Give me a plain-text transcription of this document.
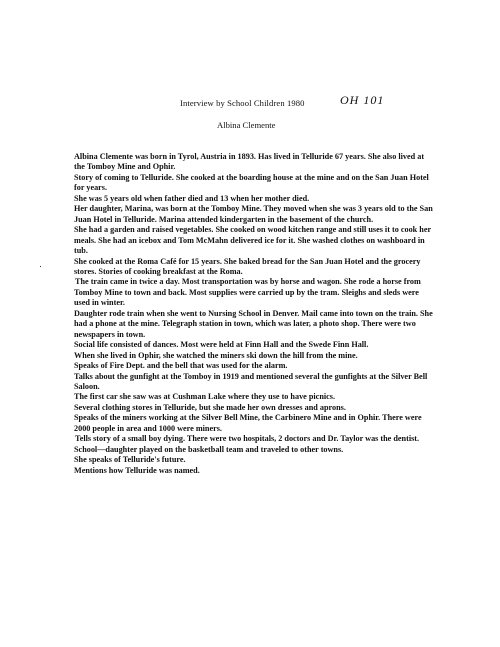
Interview by School Children 1980	OH 101
Albina Clemente

Albina Clemente was born in Tyrol, Austria in 1893. Has lived in Telluride 67 years. She also lived at the Tomboy Mine and Ophir.

Story of coming to Telluride. She cooked at the boarding house at the mine and on the San Juan Hotel for years.

She was 5 years old when father died and 13 when her mother died.

Her daughter, Marina, was born at the Tomboy Mine. They moved when she was 3 years old to the San Juan Hotel in Telluride. Marina attended kindergarten in the basement of the church.

She had a garden and raised vegetables. She cooked on wood kitchen range and still uses it to cook her meals. She had an icebox and Tom McMahn delivered ice for it. She washed clothes on washboard in tub.

She cooked at the Roma Café for 15 years. She baked bread for the San Juan Hotel and the grocery stores. Stories of cooking breakfast at the Roma.

The train came in twice a day. Most transportation was by horse and wagon. She rode a horse from Tomboy Mine to town and back. Most supplies were carried up by the tram. Sleighs and sleds were used in winter.

Daughter rode train when she went to Nursing School in Denver. Mail came into town on the train. She had a phone at the mine. Telegraph station in town, which was later, a photo shop. There were two newspapers in town.

Social life consisted of dances. Most were held at Finn Hall and the Swede Finn Hall.

When she lived in Ophir, she watched the miners ski down the hill from the mine.

Speaks of Fire Dept. and the bell that was used for the alarm.

Talks about the gunfight at the Tomboy in 1919 and mentioned several the gunfights at the Silver Bell Saloon.

The first car she saw was at Cushman Lake where they use to have picnics.

Several clothing stores in Telluride, but she made her own dresses and aprons.

Speaks of the miners working at the Silver Bell Mine, the Carbinero Mine and in Ophir. There were 2000 people in area and 1000 were miners.

Tells story of a small boy dying. There were two hospitals, 2 doctors and Dr. Taylor was the dentist.

School—daughter played on the basketball team and traveled to other towns.

She speaks of Telluride's future.

Mentions how Telluride was named.
